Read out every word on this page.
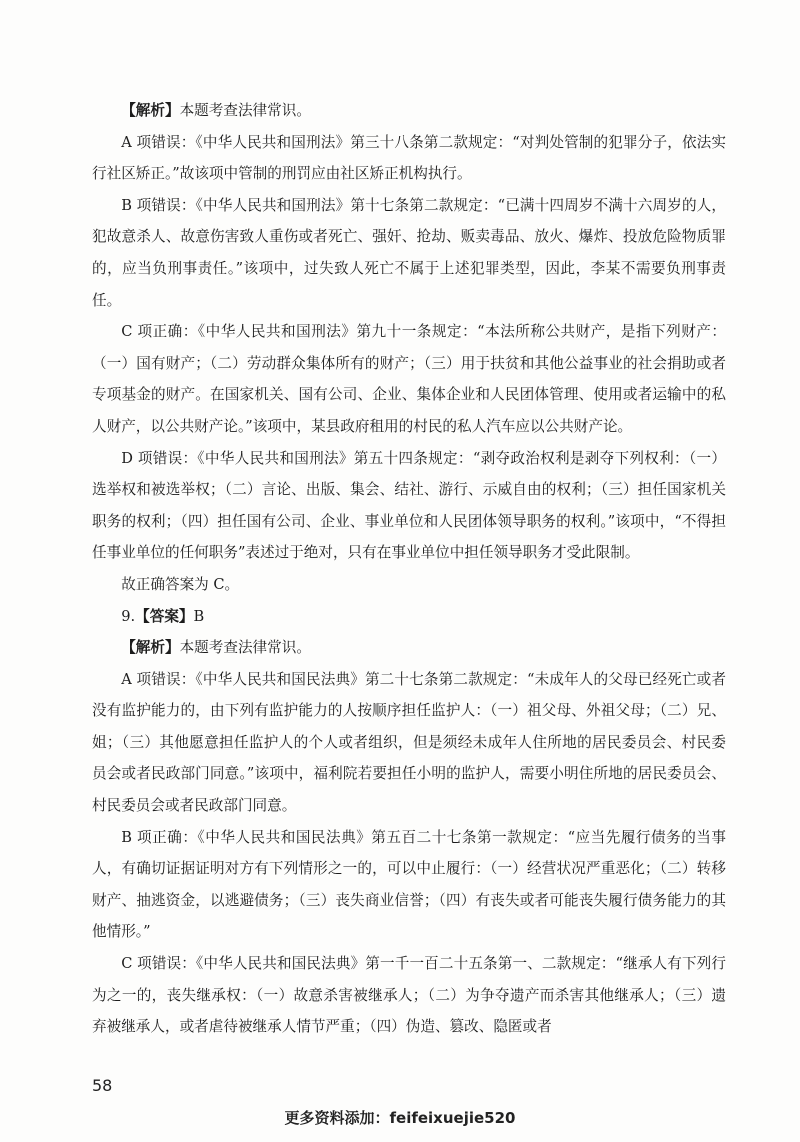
【解析】本题考查法律常识。

A 项错误：《中华人民共和国刑法》第三十八条第二款规定：“对判处管制的犯罪分子，依法实行社区矫正。”故该项中管制的刑罚应由社区矫正机构执行。

B 项错误：《中华人民共和国刑法》第十七条第二款规定：“已满十四周岁不满十六周岁的人，犯故意杀人、故意伤害致人重伤或者死亡、强奸、抢劫、贩卖毒品、放火、爆炸、投放危险物质罪的，应当负刑事责任。”该项中，过失致人死亡不属于上述犯罪类型，因此，李某不需要负刑事责任。

C 项正确：《中华人民共和国刑法》第九十一条规定：“本法所称公共财产，是指下列财产：（一）国有财产；（二）劳动群众集体所有的财产；（三）用于扶贫和其他公益事业的社会捐助或者专项基金的财产。在国家机关、国有公司、企业、集体企业和人民团体管理、使用或者运输中的私人财产，以公共财产论。”该项中，某县政府租用的村民的私人汽车应以公共财产论。

D 项错误：《中华人民共和国刑法》第五十四条规定：“剥夺政治权利是剥夺下列权利：（一）选举权和被选举权；（二）言论、出版、集会、结社、游行、示威自由的权利；（三）担任国家机关职务的权利；（四）担任国有公司、企业、事业单位和人民团体领导职务的权利。”该项中，“不得担任事业单位的任何职务”表述过于绝对，只有在事业单位中担任领导职务才受此限制。

故正确答案为 C。

9.【答案】B

【解析】本题考查法律常识。

A 项错误：《中华人民共和国民法典》第二十七条第二款规定：“未成年人的父母已经死亡或者没有监护能力的，由下列有监护能力的人按顺序担任监护人：（一）祖父母、外祖父母；（二）兄、姐；（三）其他愿意担任监护人的个人或者组织，但是须经未成年人住所地的居民委员会、村民委员会或者民政部门同意。”该项中，福利院若要担任小明的监护人，需要小明住所地的居民委员会、村民委员会或者民政部门同意。

B 项正确：《中华人民共和国民法典》第五百二十七条第一款规定：“应当先履行债务的当事人，有确切证据证明对方有下列情形之一的，可以中止履行：（一）经营状况严重恶化；（二）转移财产、抽逃资金，以逃避债务；（三）丧失商业信誉；（四）有丧失或者可能丧失履行债务能力的其他情形。”

C 项错误：《中华人民共和国民法典》第一千一百二十五条第一、二款规定：“继承人有下列行为之一的，丧失继承权：（一）故意杀害被继承人；（二）为争夺遗产而杀害其他继承人；（三）遗弃被继承人，或者虐待被继承人情节严重；（四）伪造、篡改、隐匿或者

58
更多资料添加：feifeixuejie520
